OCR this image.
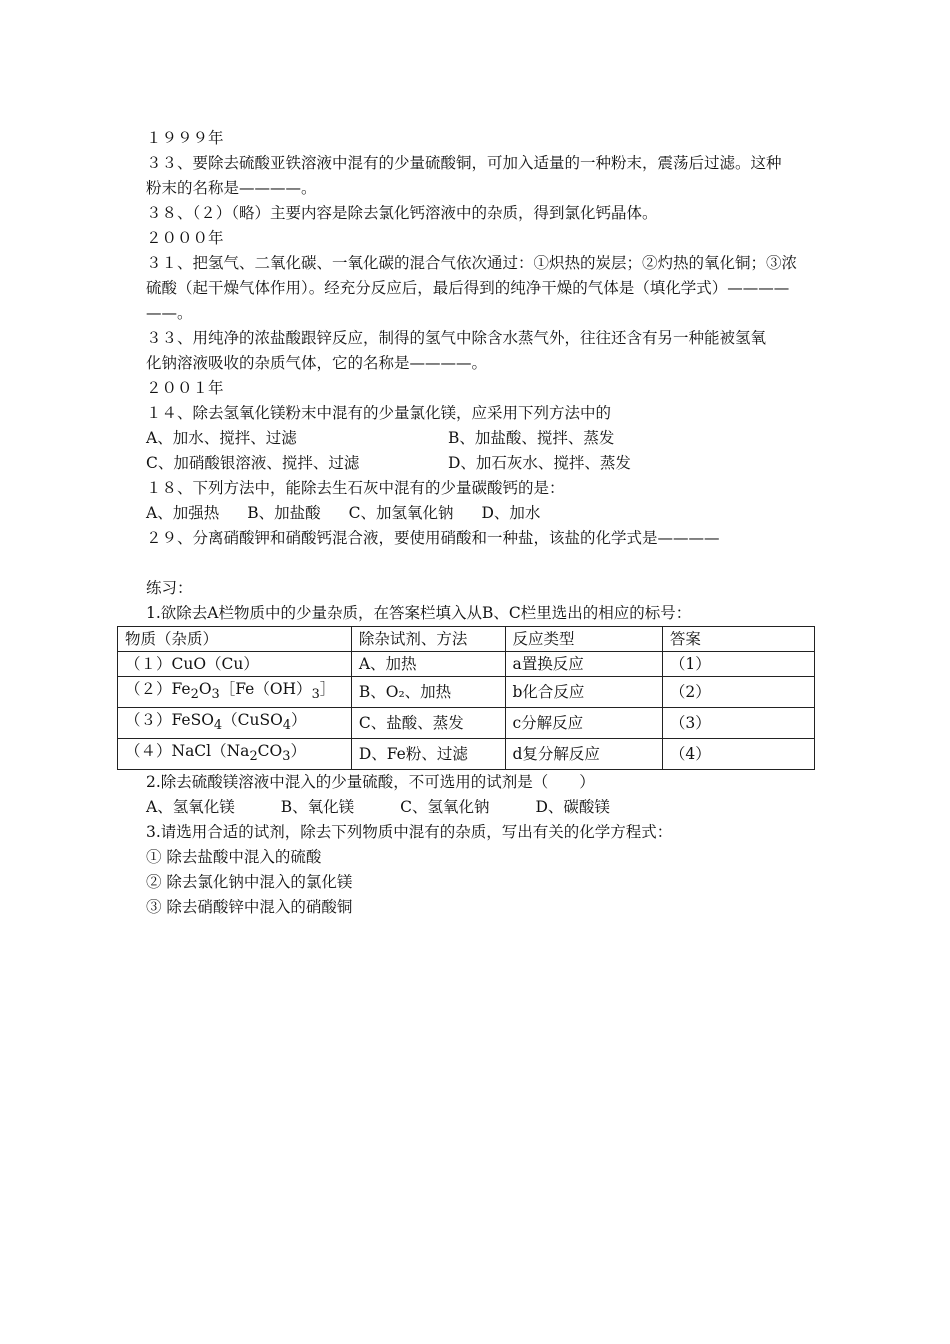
１９９９年
３３、要除去硫酸亚铁溶液中混有的少量硫酸铜，可加入适量的一种粉末，震荡后过滤。这种
粉末的名称是————。
３８、（２）（略）主要内容是除去氯化钙溶液中的杂质，得到氯化钙晶体。
２０００年
３１、把氢气、二氧化碳、一氧化碳的混合气依次通过：①炽热的炭层；②灼热的氧化铜；③浓
硫酸（起干燥气体作用）。经充分反应后，最后得到的纯净干燥的气体是（填化学式）————
——。
３３、用纯净的浓盐酸跟锌反应，制得的氢气中除含水蒸气外，往往还含有另一种能被氢氧
化钠溶液吸收的杂质气体，它的名称是————。
２００１年
１４、除去氢氧化镁粉末中混有的少量氯化镁，应采用下列方法中的
A、加水、搅拌、过滤	B、加盐酸、搅拌、蒸发
C、加硝酸银溶液、搅拌、过滤	D、加石灰水、搅拌、蒸发
１８、下列方法中，能除去生石灰中混有的少量碳酸钙的是：
A、加强热 B、加盐酸 C、加氢氧化钠 D、加水
２９、分离硝酸钾和硝酸钙混合液，要使用硝酸和一种盐，该盐的化学式是————
练习：
1.欲除去A栏物质中的少量杂质，在答案栏填入从B、C栏里选出的相应的标号：
物质（杂质）	除杂试剂、方法	反应类型	答案
（１）CuO（Cu）	A、加热	a置换反应	（1）
$(2)Fe_2O_3[Fe(OH)_3]$	B、O₂、加热	b化合反应	（2）
（３）FeSO$_4$（CuSO$_4$）	C、盐酸、蒸发	c分解反应	（3）
$(4)NaCl(Na_2CO_3)$	D、Fe粉、过滤	d复分解反应	（4）
2.除去硫酸镁溶液中混入的少量硫酸，不可选用的试剂是（　　）
A、氢氧化镁	B、氧化镁	C、氢氧化钠	D、碳酸镁
3.请选用合适的试剂，除去下列物质中混有的杂质，写出有关的化学方程式：
① 除去盐酸中混入的硫酸
② 除去氯化钠中混入的氯化镁
③ 除去硝酸锌中混入的硝酸铜
